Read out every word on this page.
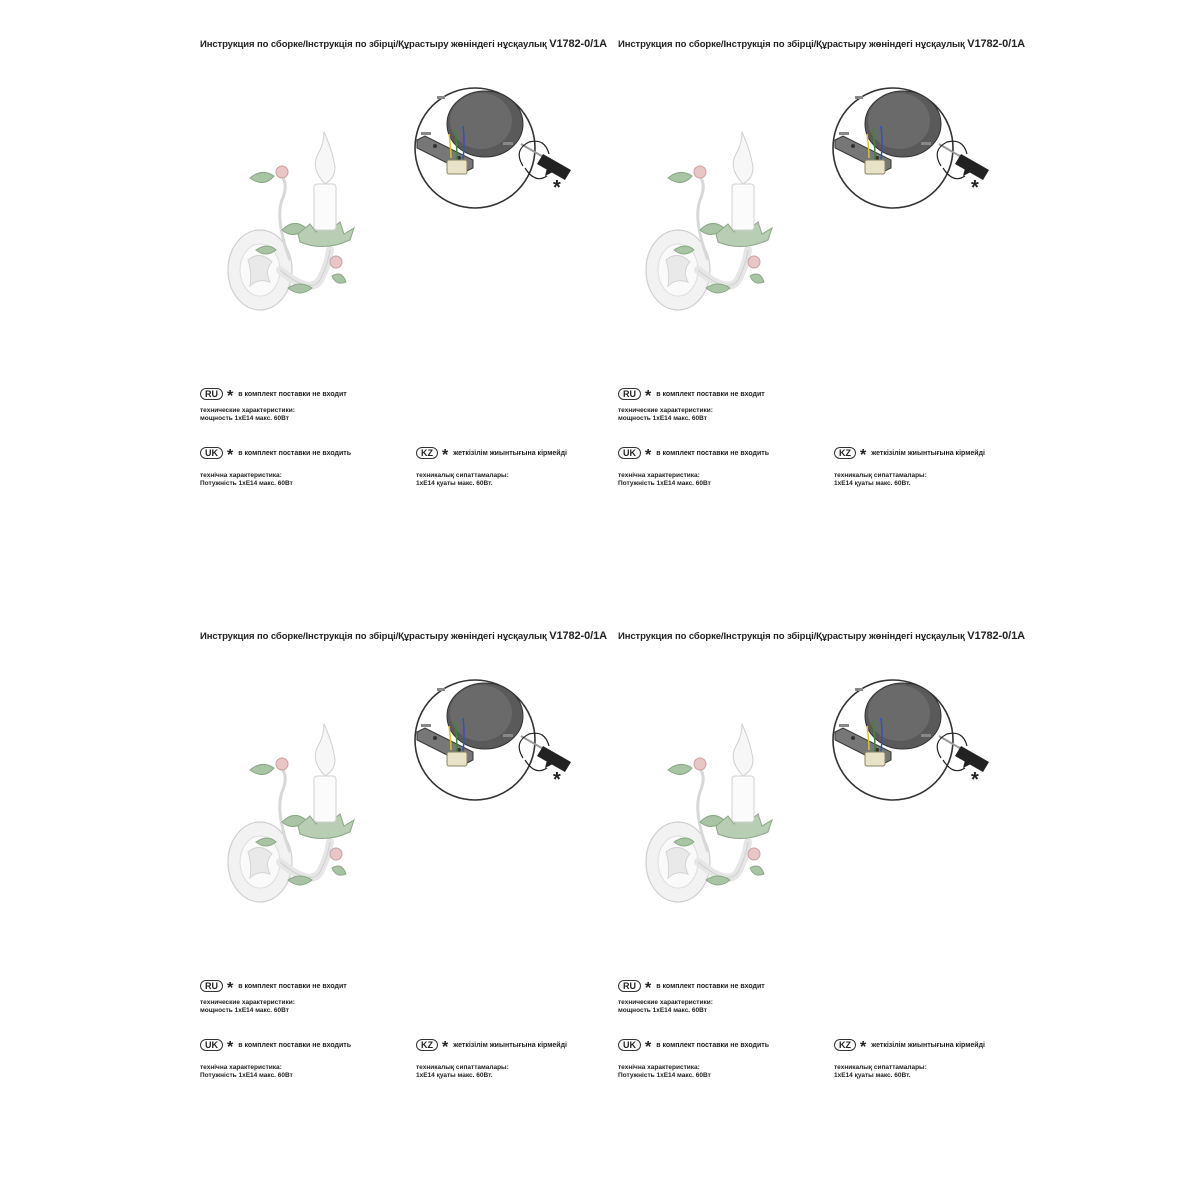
Инструкция по сборке/Інструкція по збірці/Құрастыру жөніндегі нұсқаулық V1782-0/1A
*
RU * в комплект поставки не входит
технические характеристики:
мощность 1хЕ14 макс. 60Вт
UK * в комплект поставки не входить
технічна характеристика:
Потужність 1хЕ14 макс. 60Вт
KZ * жеткізілім жиынтығына кірмейді
техникалық сипаттамалары:
1хЕ14 қуаты макс. 60Вт.
Инструкция по сборке/Інструкція по збірці/Құрастыру жөніндегі нұсқаулық V1782-0/1A
*
RU * в комплект поставки не входит
технические характеристики:
мощность 1хЕ14 макс. 60Вт
UK * в комплект поставки не входить
технічна характеристика:
Потужність 1хЕ14 макс. 60Вт
KZ * жеткізілім жиынтығына кірмейді
техникалық сипаттамалары:
1хЕ14 қуаты макс. 60Вт.
Инструкция по сборке/Інструкція по збірці/Құрастыру жөніндегі нұсқаулық V1782-0/1A
*
RU * в комплект поставки не входит
технические характеристики:
мощность 1хЕ14 макс. 60Вт
UK * в комплект поставки не входить
технічна характеристика:
Потужність 1хЕ14 макс. 60Вт
KZ * жеткізілім жиынтығына кірмейді
техникалық сипаттамалары:
1хЕ14 қуаты макс. 60Вт.
Инструкция по сборке/Інструкція по збірці/Құрастыру жөніндегі нұсқаулық V1782-0/1A
*
RU * в комплект поставки не входит
технические характеристики:
мощность 1хЕ14 макс. 60Вт
UK * в комплект поставки не входить
технічна характеристика:
Потужність 1хЕ14 макс. 60Вт
KZ * жеткізілім жиынтығына кірмейді
техникалық сипаттамалары:
1хЕ14 қуаты макс. 60Вт.
